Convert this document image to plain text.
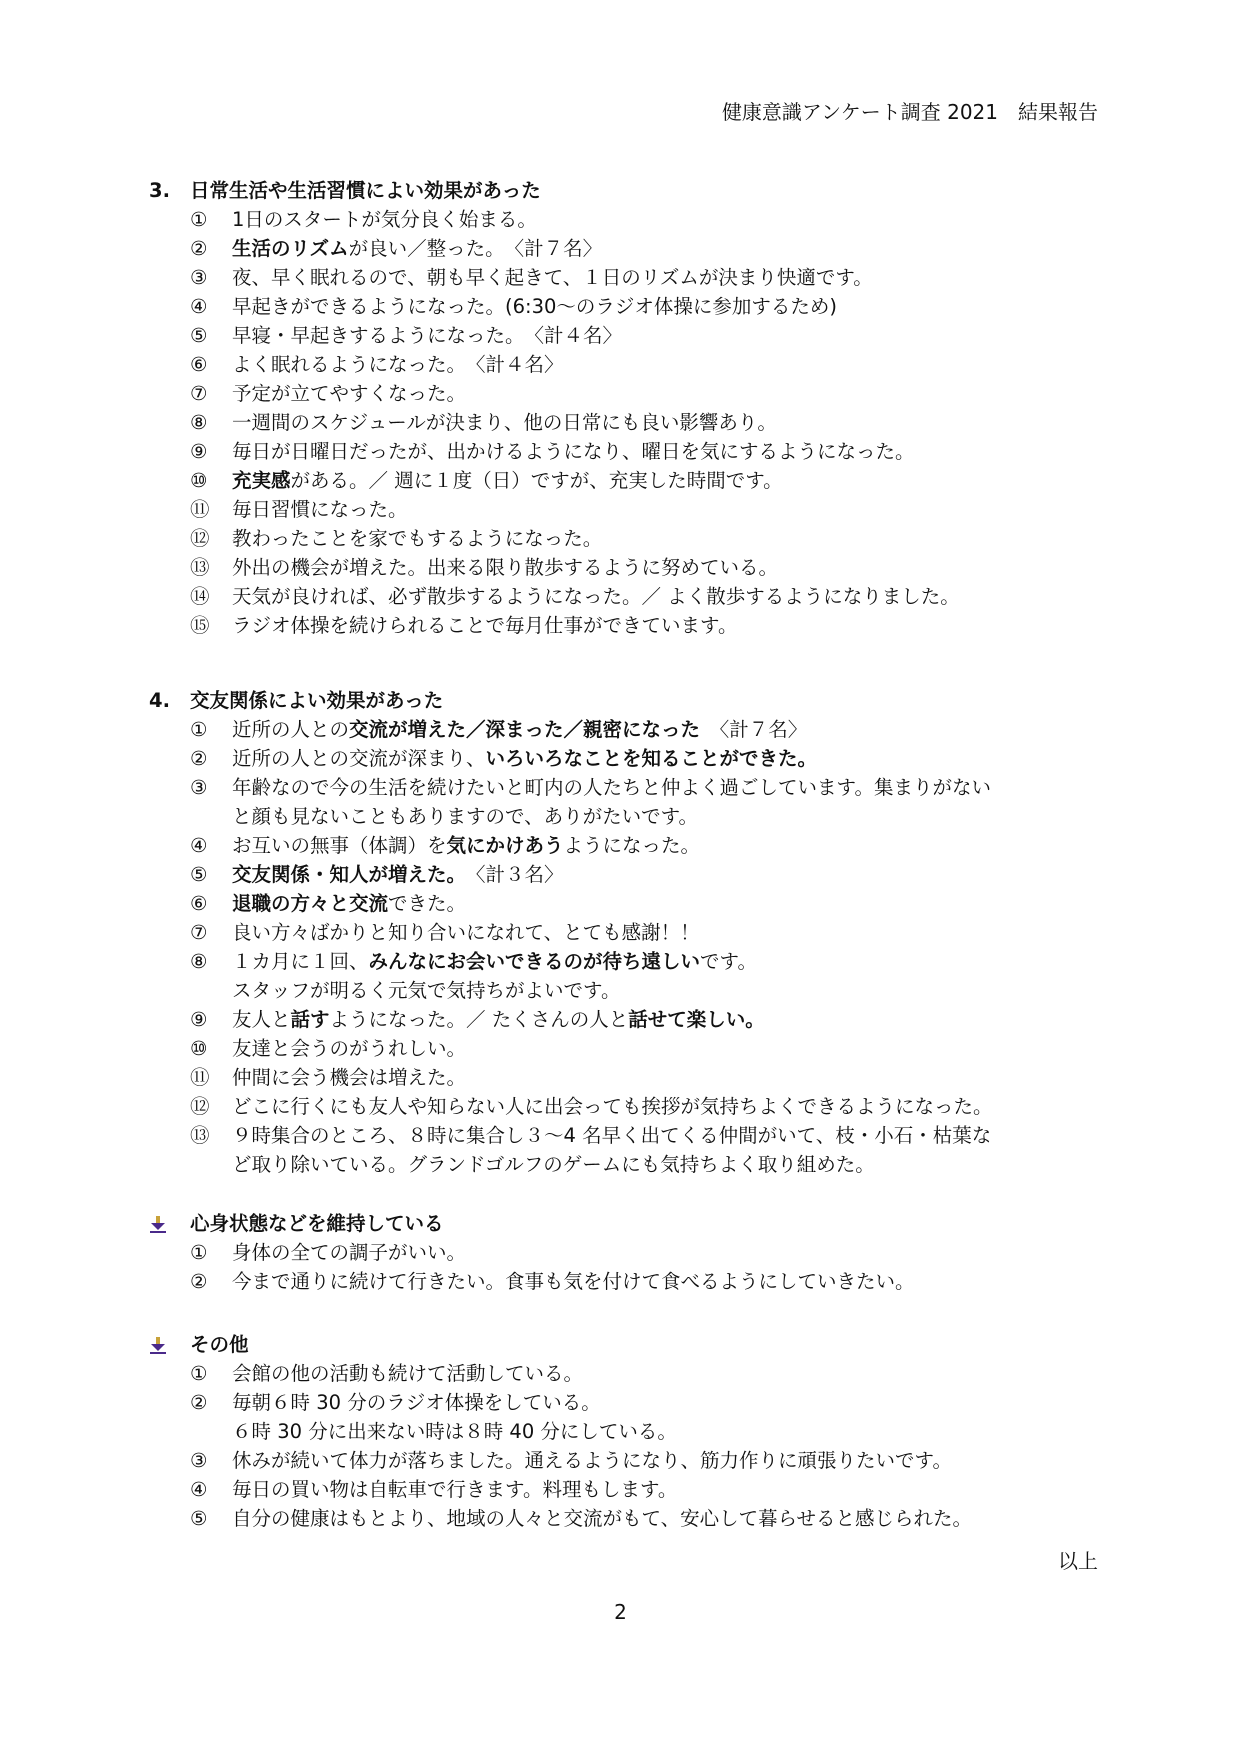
健康意識アンケート調査 2021　結果報告
3. 日常生活や生活習慣によい効果があった
①	1日のスタートが気分良く始まる。
②	生活のリズムが良い／整った。　〈計７名〉
③	夜、早く眠れるので、朝も早く起きて、１日のリズムが決まり快適です。
④	早起きができるようになった。(6:30～のラジオ体操に参加するため)
⑤	早寝・早起きするようになった。　〈計４名〉
⑥	よく眠れるようになった。　〈計４名〉
⑦	予定が立てやすくなった。
⑧	一週間のスケジュールが決まり、他の日常にも良い影響あり。
⑨	毎日が日曜日だったが、出かけるようになり、曜日を気にするようになった。
⑩	充実感がある。／ 週に１度（日）ですが、充実した時間です。
⑪	毎日習慣になった。
⑫	教わったことを家でもするようになった。
⑬	外出の機会が増えた。出来る限り散歩するように努めている。
⑭	天気が良ければ、必ず散歩するようになった。／ よく散歩するようになりました。
⑮	ラジオ体操を続けられることで毎月仕事ができています。
4. 交友関係によい効果があった
①	近所の人との交流が増えた／深まった／親密になった　〈計７名〉
②	近所の人との交流が深まり、いろいろなことを知ることができた。
③	年齢なので今の生活を続けたいと町内の人たちと仲よく過ごしています。集まりがない
と顔も見ないこともありますので、ありがたいです。
④	お互いの無事（体調）を気にかけあうようになった。
⑤	交友関係・知人が増えた。　〈計３名〉
⑥	退職の方々と交流できた。
⑦	良い方々ばかりと知り合いになれて、とても感謝！！
⑧	１カ月に１回、みんなにお会いできるのが待ち遠しいです。
スタッフが明るく元気で気持ちがよいです。
⑨	友人と話すようになった。／ たくさんの人と話せて楽しい。
⑩	友達と会うのがうれしい。
⑪	仲間に会う機会は増えた。
⑫	どこに行くにも友人や知らない人に出会っても挨拶が気持ちよくできるようになった。
⑬	９時集合のところ、８時に集合し３～4 名早く出てくる仲間がいて、枝・小石・枯葉な
ど取り除いている。グランドゴルフのゲームにも気持ちよく取り組めた。
心身状態などを維持している
①	身体の全ての調子がいい。
②	今まで通りに続けて行きたい。食事も気を付けて食べるようにしていきたい。
その他
①	会館の他の活動も続けて活動している。
②	毎朝６時 30 分のラジオ体操をしている。
６時 30 分に出来ない時は８時 40 分にしている。
③	休みが続いて体力が落ちました。通えるようになり、筋力作りに頑張りたいです。
④	毎日の買い物は自転車で行きます。料理もします。
⑤	自分の健康はもとより、地域の人々と交流がもて、安心して暮らせると感じられた。
以上
2
